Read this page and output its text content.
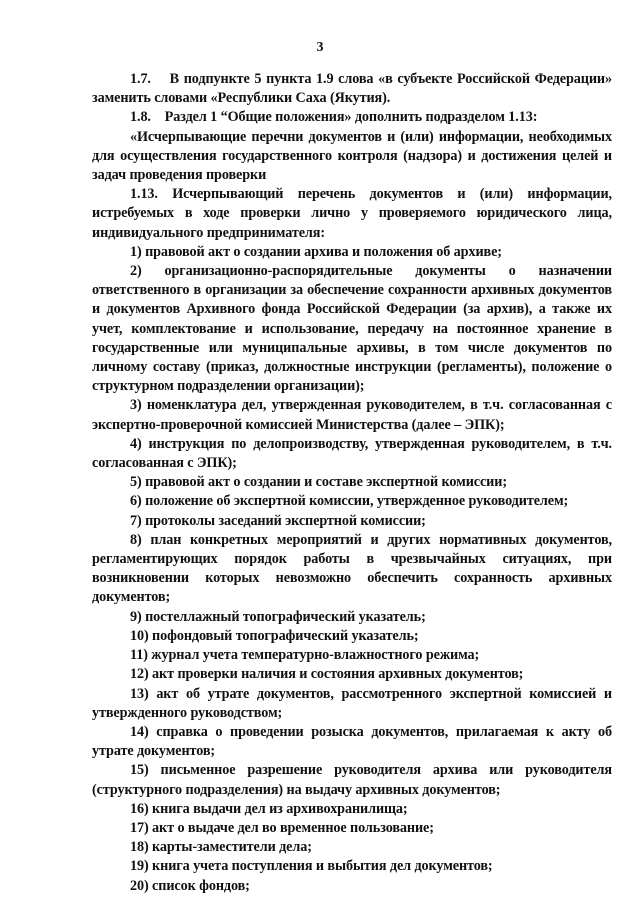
3

1.7.    В подпункте 5 пункта 1.9 слова «в субъекте Российской Федерации» заменить словами «Республики Саха (Якутия).

1.8.    Раздел 1 “Общие положения» дополнить подразделом 1.13:

«Исчерпывающие перечни документов и (или) информации, необходимых для осуществления государственного контроля (надзора) и достижения целей и задач проведения проверки

1.13. Исчерпывающий перечень документов и (или) информации, истребуемых в ходе проверки лично у проверяемого юридического лица, индивидуального предпринимателя:

1) правовой акт о создании архива и положения об архиве;

2) организационно-распорядительные документы о назначении ответственного в организации за обеспечение сохранности архивных документов и документов Архивного фонда Российской Федерации (за архив), а также их учет, комплектование и использование, передачу на постоянное хранение в государственные или муниципальные архивы, в том числе документов по личному составу (приказ, должностные инструкции (регламенты), положение о структурном подразделении организации);

3) номенклатура дел, утвержденная руководителем, в т.ч. согласованная с экспертно-проверочной комиссией Министерства (далее – ЭПК);

4) инструкция по делопроизводству, утвержденная руководителем, в т.ч. согласованная с ЭПК);

5) правовой акт о создании и составе экспертной комиссии;

6) положение об экспертной комиссии, утвержденное руководителем;

7) протоколы заседаний экспертной комиссии;

8) план конкретных мероприятий и других нормативных документов, регламентирующих порядок работы в чрезвычайных ситуациях, при возникновении которых невозможно обеспечить сохранность архивных документов;

9) постеллажный топографический указатель;

10) пофондовый топографический указатель;

11) журнал учета температурно-влажностного режима;

12) акт проверки наличия и состояния архивных документов;

13) акт об утрате документов, рассмотренного экспертной комиссией и утвержденного руководством;

14) справка о проведении розыска документов, прилагаемая к акту об утрате документов;

15) письменное разрешение руководителя архива или руководителя (структурного подразделения) на выдачу архивных документов;

16) книга выдачи дел из архивохранилища;

17) акт о выдаче дел во временное пользование;

18) карты-заместители дела;

19) книга учета поступления и выбытия дел документов;

20) список фондов;
